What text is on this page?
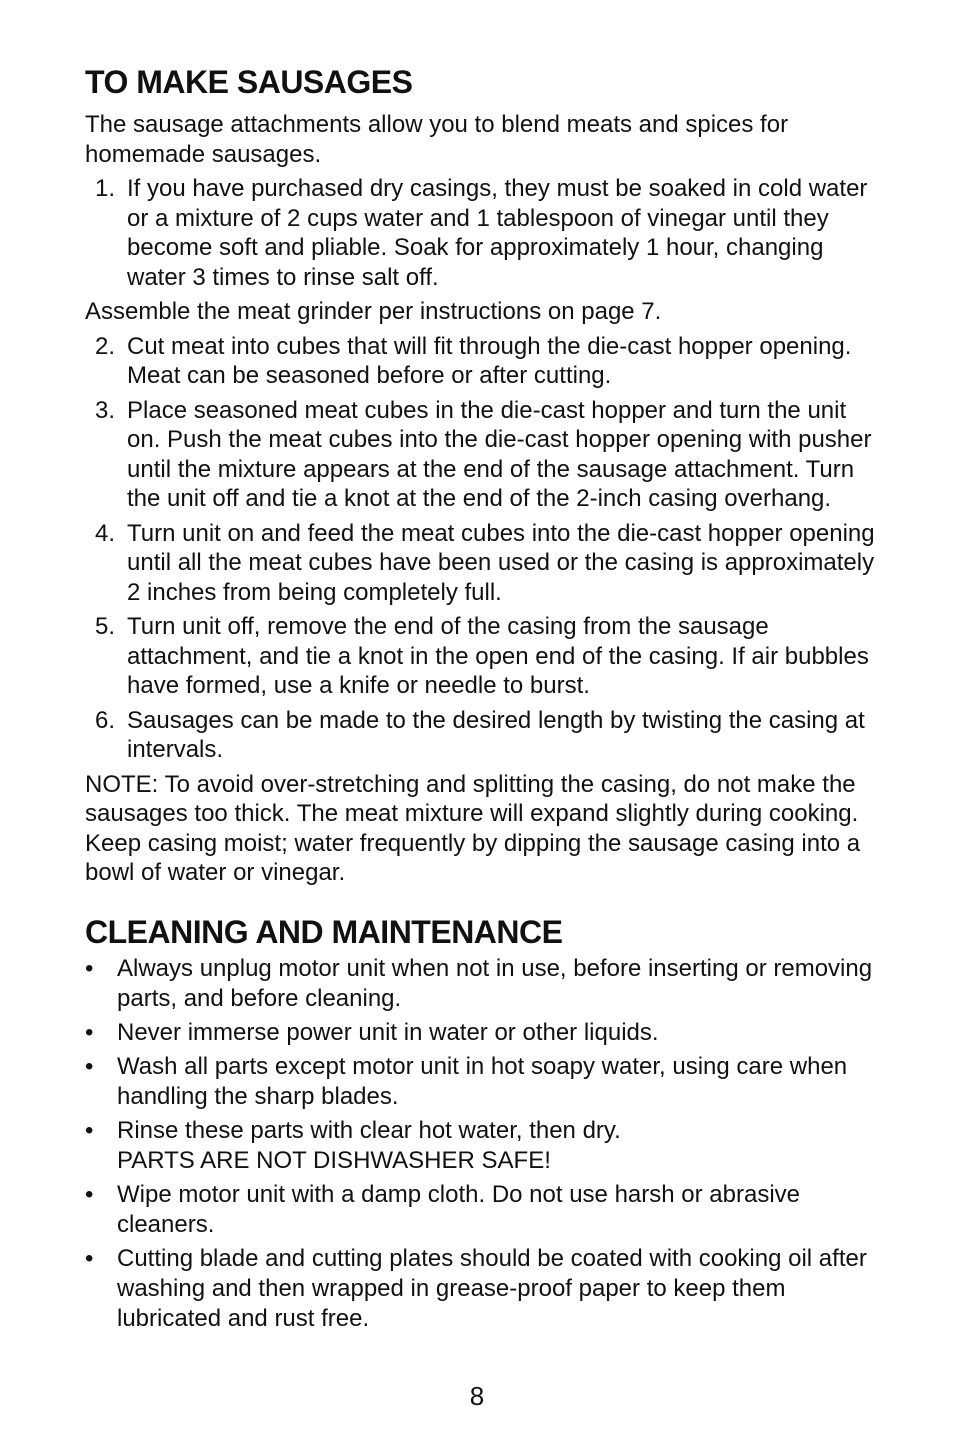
TO MAKE SAUSAGES

The sausage attachments allow you to blend meats and spices for homemade sausages.

1. If you have purchased dry casings, they must be soaked in cold water or a mixture of 2 cups water and 1 tablespoon of vinegar until they become soft and pliable. Soak for approximately 1 hour, changing water 3 times to rinse salt off.

Assemble the meat grinder per instructions on page 7.

2. Cut meat into cubes that will fit through the die-cast hopper opening. Meat can be seasoned before or after cutting.
3. Place seasoned meat cubes in the die-cast hopper and turn the unit on. Push the meat cubes into the die-cast hopper opening with pusher until the mixture appears at the end of the sausage attachment. Turn the unit off and tie a knot at the end of the 2-inch casing overhang.
4. Turn unit on and feed the meat cubes into the die-cast hopper opening until all the meat cubes have been used or the casing is approximately 2 inches from being completely full.
5. Turn unit off, remove the end of the casing from the sausage attachment, and tie a knot in the open end of the casing. If air bubbles have formed, use a knife or needle to burst.
6. Sausages can be made to the desired length by twisting the casing at intervals.

NOTE: To avoid over-stretching and splitting the casing, do not make the sausages too thick. The meat mixture will expand slightly during cooking. Keep casing moist; water frequently by dipping the sausage casing into a bowl of water or vinegar.

CLEANING AND MAINTENANCE
• Always unplug motor unit when not in use, before inserting or removing parts, and before cleaning.
• Never immerse power unit in water or other liquids.
• Wash all parts except motor unit in hot soapy water, using care when handling the sharp blades.
• Rinse these parts with clear hot water, then dry.
PARTS ARE NOT DISHWASHER SAFE!
• Wipe motor unit with a damp cloth. Do not use harsh or abrasive cleaners.
• Cutting blade and cutting plates should be coated with cooking oil after washing and then wrapped in grease-proof paper to keep them lubricated and rust free.
8
